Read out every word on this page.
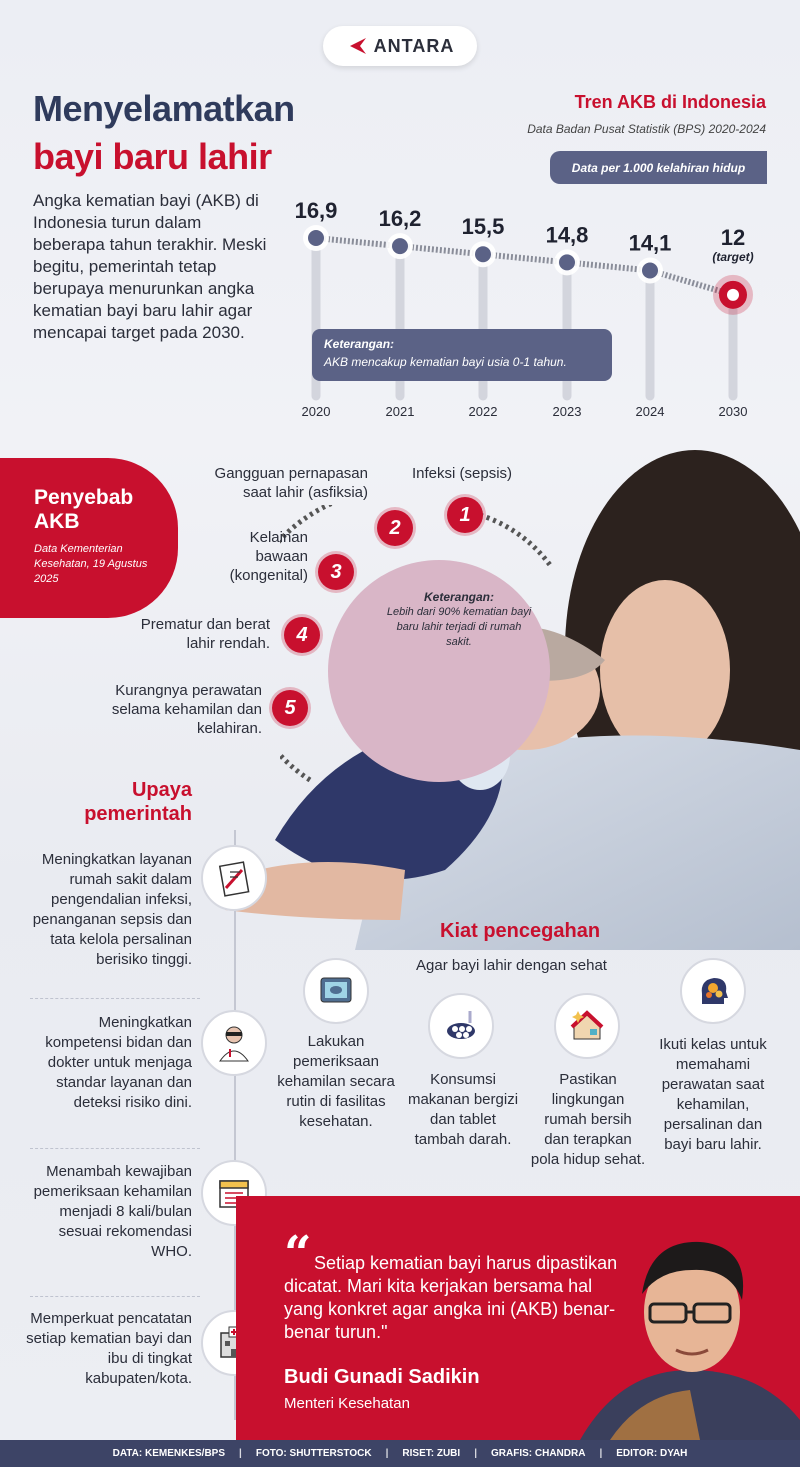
ANTARA
Menyelamatkan
bayi baru lahir
Angka kematian bayi (AKB) di Indonesia turun dalam beberapa tahun terakhir. Meski begitu, pemerintah tetap berupaya menurunkan angka kematian bayi baru lahir agar mencapai target pada 2030.
Tren AKB di Indonesia
Data Badan Pusat Statistik (BPS) 2020-2024
Data per 1.000 kelahiran hidup
16,9
2020
16,2
2021
15,5
2022
14,8
2023
14,1
2024
12
2030
(target)
Keterangan:
AKB mencakup kematian bayi usia 0-1 tahun.
Penyebab AKB
Data Kementerian Kesehatan, 19 Agustus 2025
Keterangan:
Lebih dari 90% kematian bayi baru lahir terjadi di rumah sakit.
1
Infeksi (sepsis)
2
Gangguan pernapasan saat lahir (asfiksia)
3
Kelainan bawaan (kongenital)
4
Prematur dan berat lahir rendah.
5
Kurangnya perawatan selama kehamilan dan kelahiran.
Upaya pemerintah
Meningkatkan layanan rumah sakit dalam pengendalian infeksi, penanganan sepsis dan tata kelola persalinan berisiko tinggi.
Meningkatkan kompetensi bidan dan dokter untuk menjaga standar layanan dan deteksi risiko dini.
Menambah kewajiban pemeriksaan kehamilan menjadi 8 kali/bulan sesuai rekomendasi WHO.
Memperkuat pencatatan setiap kematian bayi dan ibu di tingkat kabupaten/kota.
Kiat pencegahan
Agar bayi lahir dengan sehat
Lakukan pemeriksaan kehamilan secara rutin di fasilitas kesehatan.
Konsumsi makanan bergizi dan tablet tambah darah.
Pastikan lingkungan rumah bersih dan terapkan pola hidup sehat.
Ikuti kelas untuk memahami perawatan saat kehamilan, persalinan dan bayi baru lahir.
“ Setiap kematian bayi harus dipastikan dicatat. Mari kita kerjakan bersama hal yang konkret agar angka ini (AKB) benar-benar turun."
Budi Gunadi Sadikin
Menteri Kesehatan
DATA: KEMENKES/BPS | FOTO: SHUTTERSTOCK | RISET: ZUBI | GRAFIS: CHANDRA | EDITOR: DYAH
